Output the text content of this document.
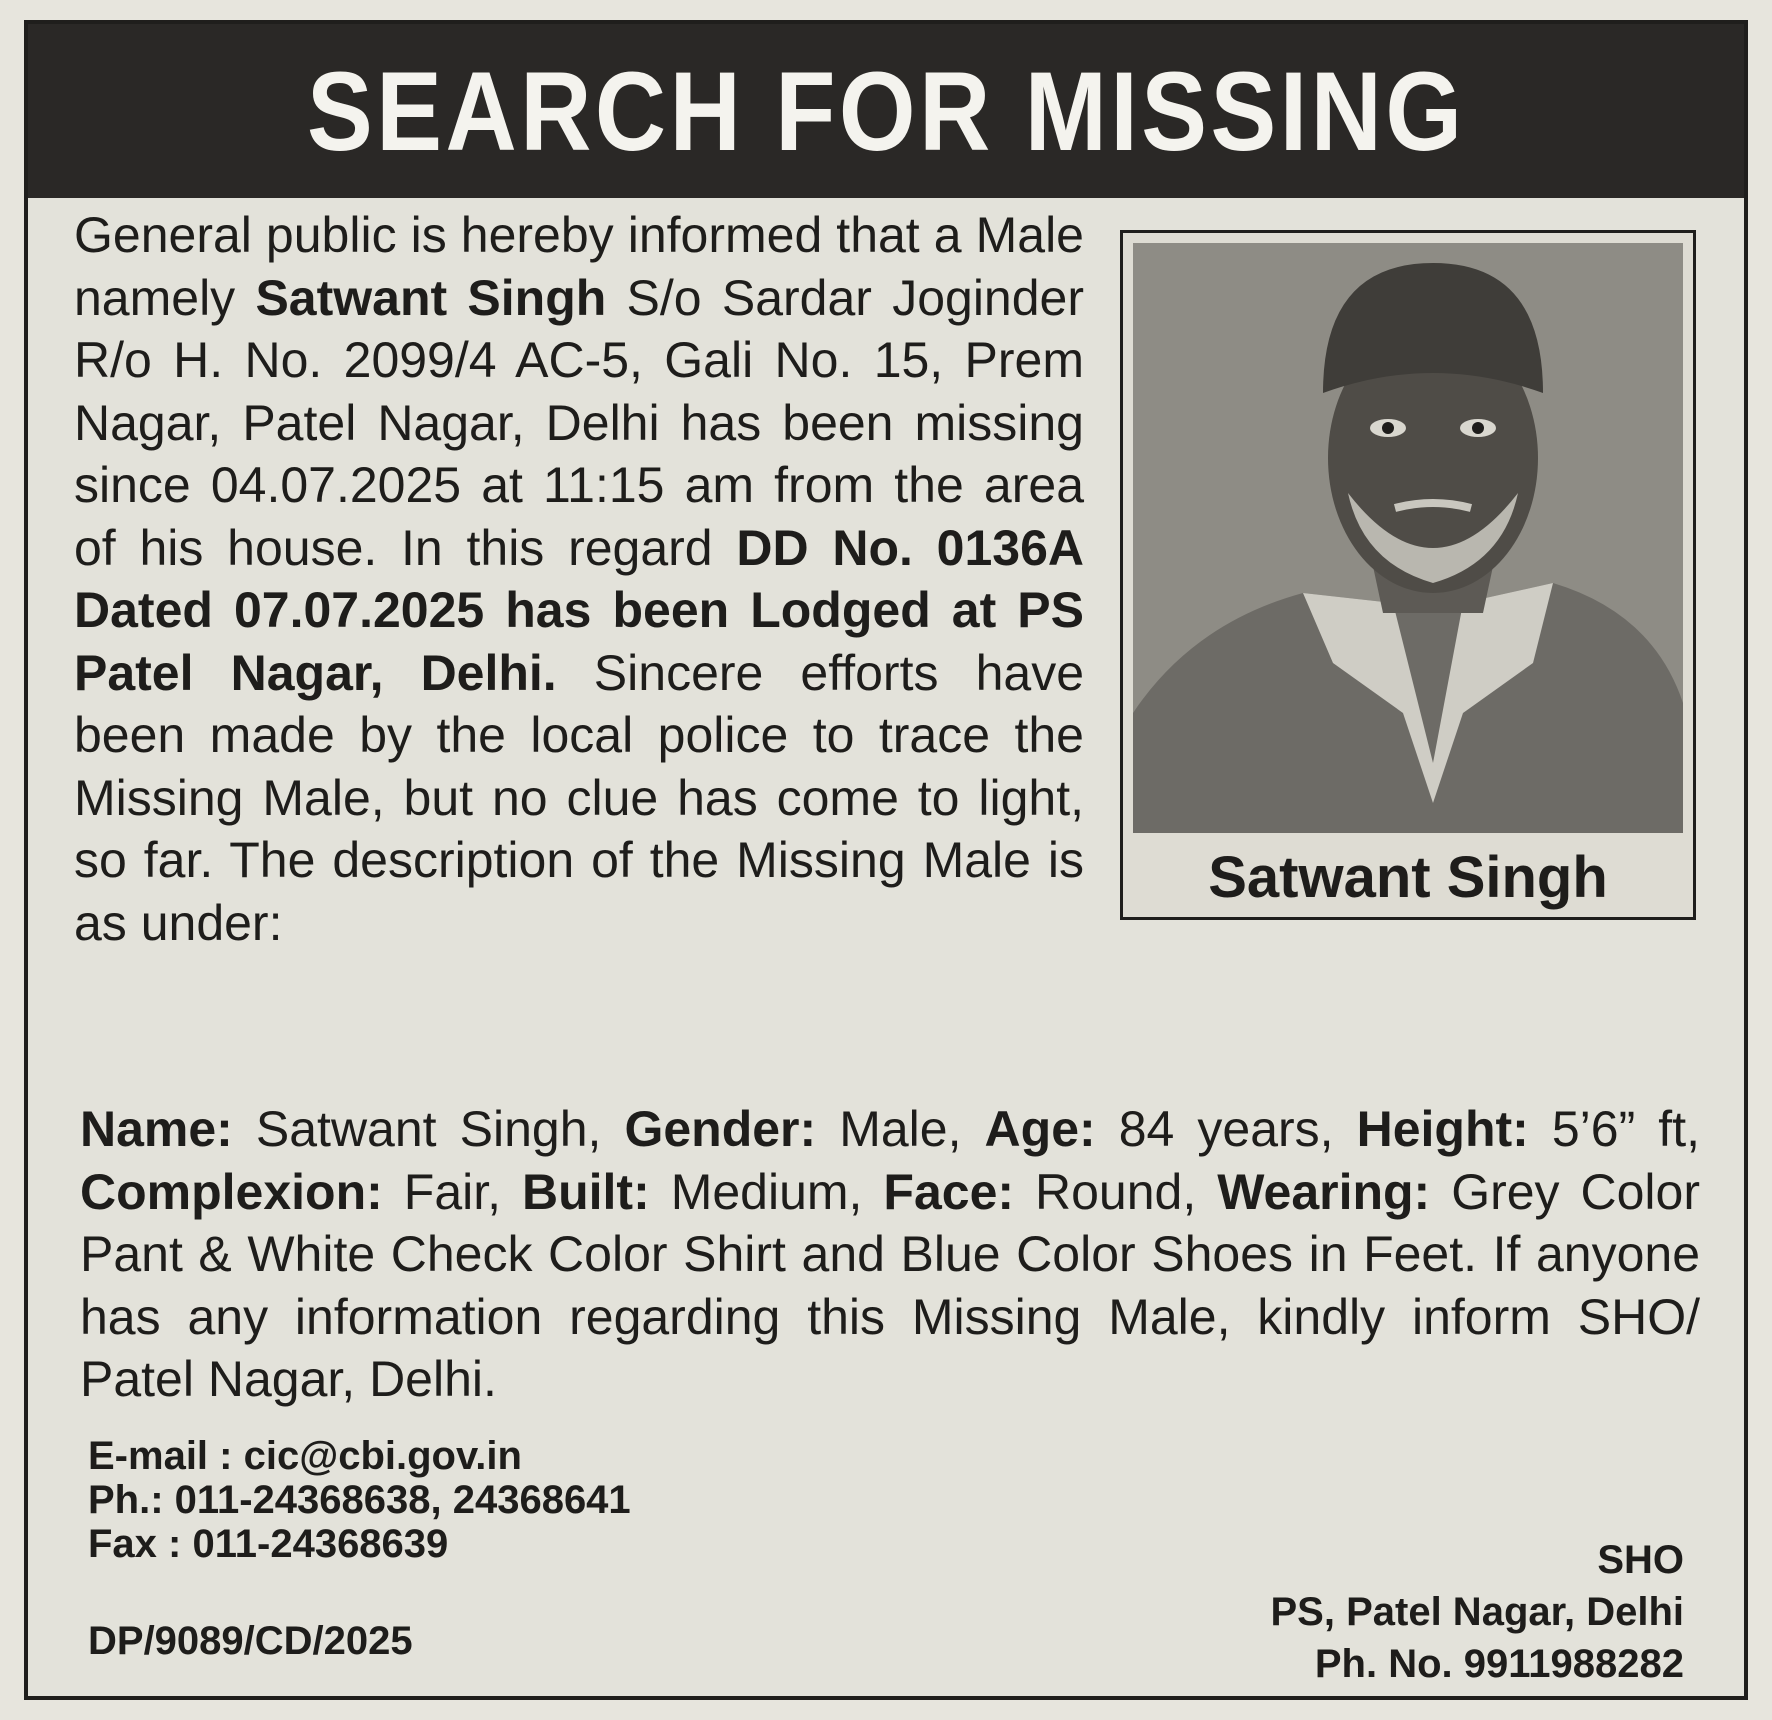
SEARCH FOR MISSING
Satwant Singh
General public is hereby informed that a Male namely Satwant Singh S/o Sardar Joginder R/o H. No. 2099/4 AC-5, Gali No. 15, Prem Nagar, Patel Nagar, Delhi has been missing since 04.07.2025 at 11:15 am from the area of his house. In this regard DD No. 0136A Dated 07.07.2025 has been Lodged at PS Patel Nagar, Delhi. Sincere efforts have been made by the local police to trace the Missing Male, but no clue has come to light, so far. The description of the Missing Male is as under:
Name: Satwant Singh, Gender: Male, Age: 84 years, Height: 5’6” ft, Complexion: Fair, Built: Medium, Face: Round, Wearing: Grey Color Pant & White Check Color Shirt and Blue Color Shoes in Feet. If anyone has any information regarding this Missing Male, kindly inform SHO/ Patel Nagar, Delhi.
E-mail : cic@cbi.gov.in
Ph.: 011-24368638, 24368641
Fax : 011-24368639
DP/9089/CD/2025
SHO
PS, Patel Nagar, Delhi
Ph. No. 9911988282
